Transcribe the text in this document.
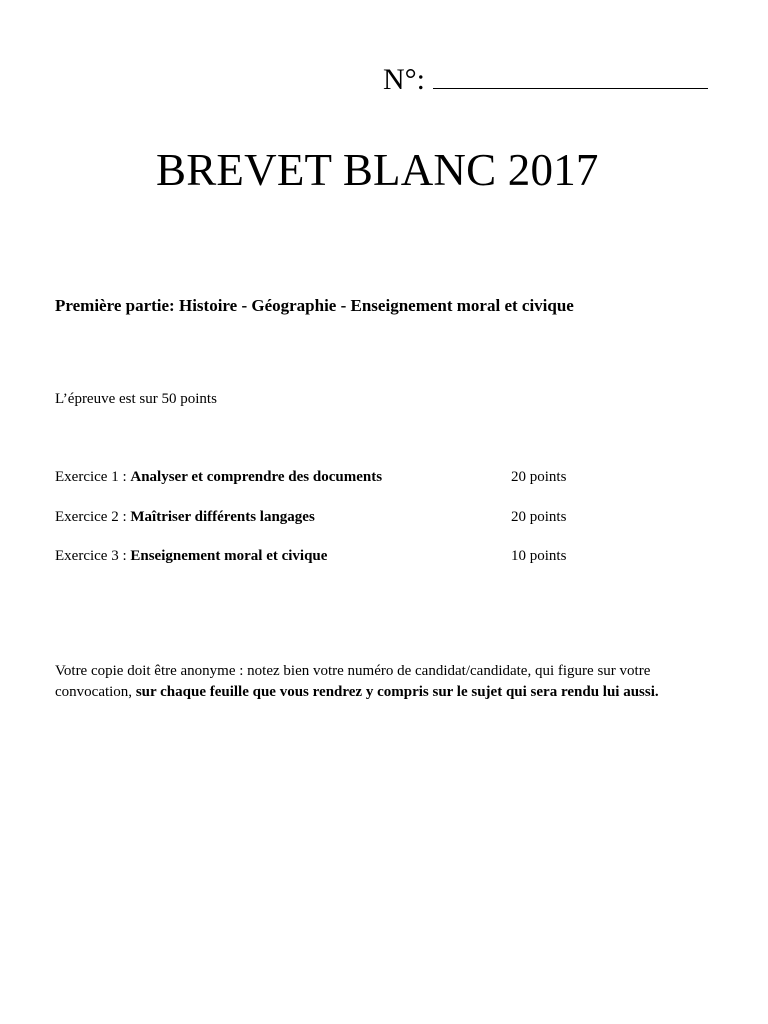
N°:
BREVET BLANC 2017
Première partie: Histoire - Géographie - Enseignement moral et civique
L’épreuve est sur 50 points
Exercice 1 : Analyser et comprendre des documents	20 points
Exercice 2 : Maîtriser différents langages	20 points
Exercice 3 : Enseignement moral et civique	10 points
Votre copie doit être anonyme : notez bien votre numéro de candidat/candidate, qui figure sur votre convocation, sur chaque feuille que vous rendrez y compris sur le sujet qui sera rendu lui aussi.
